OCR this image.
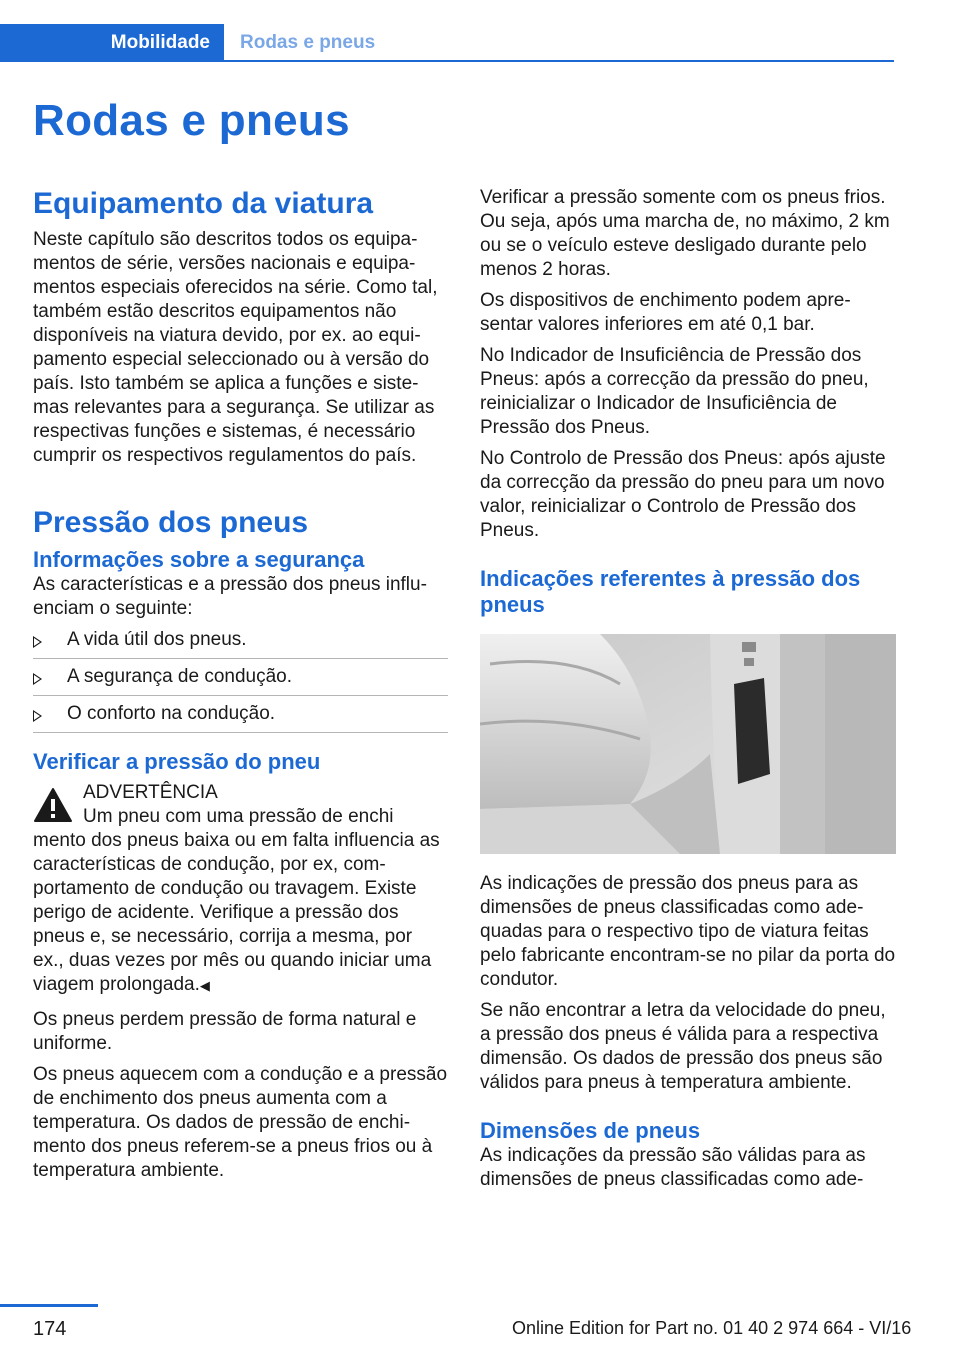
Mobilidade	Rodas e pneus
Rodas e pneus
Equipamento da viatura

Neste capítulo são descritos todos os equipamentos de série, versões nacionais e equipamentos especiais oferecidos na série. Como tal, também estão descritos equipamentos não disponíveis na viatura devido, por ex. ao equipamento especial seleccionado ou à versão do país. Isto também se aplica a funções e sistemas relevantes para a segurança. Se utilizar as respectivas funções e sistemas, é necessário cumprir os respectivos regulamentos do país.

Pressão dos pneus
Informações sobre a segurança

As características e a pressão dos pneus influenciam o seguinte:

A vida útil dos pneus.
A segurança de condução.
O conforto na condução.
Verificar a pressão do pneu
ADVERTÊNCIA
Um pneu com uma pressão de enchi

mento dos pneus baixa ou em falta influencia as características de condução, por ex, comportamento de condução ou travagem. Existe perigo de acidente. Verifique a pressão dos pneus e, se necessário, corrija a mesma, por ex., duas vezes por mês ou quando iniciar uma viagem prolongada.◀

Os pneus perdem pressão de forma natural e uniforme.

Os pneus aquecem com a condução e a pressão de enchimento dos pneus aumenta com a temperatura. Os dados de pressão de enchimento dos pneus referem-se a pneus frios ou à temperatura ambiente.

Verificar a pressão somente com os pneus frios. Ou seja, após uma marcha de, no máximo, 2 km ou se o veículo esteve desligado durante pelo menos 2 horas.

Os dispositivos de enchimento podem apresentar valores inferiores em até 0,1 bar.

No Indicador de Insuficiência de Pressão dos Pneus: após a correcção da pressão do pneu, reinicializar o Indicador de Insuficiência de Pressão dos Pneus.

No Controlo de Pressão dos Pneus: após ajuste da correcção da pressão do pneu para um novo valor, reinicializar o Controlo de Pressão dos Pneus.

Indicações referentes à pressão dos pneus

As indicações de pressão dos pneus para as dimensões de pneus classificadas como adequadas para o respectivo tipo de viatura feitas pelo fabricante encontram-se no pilar da porta do condutor.

Se não encontrar a letra da velocidade do pneu, a pressão dos pneus é válida para a respectiva dimensão. Os dados de pressão dos pneus são válidos para pneus à temperatura ambiente.

Dimensões de pneus

As indicações da pressão são válidas para as dimensões de pneus classificadas como ade-

174	Online Edition for Part no. 01 40 2 974 664 - VI/16
